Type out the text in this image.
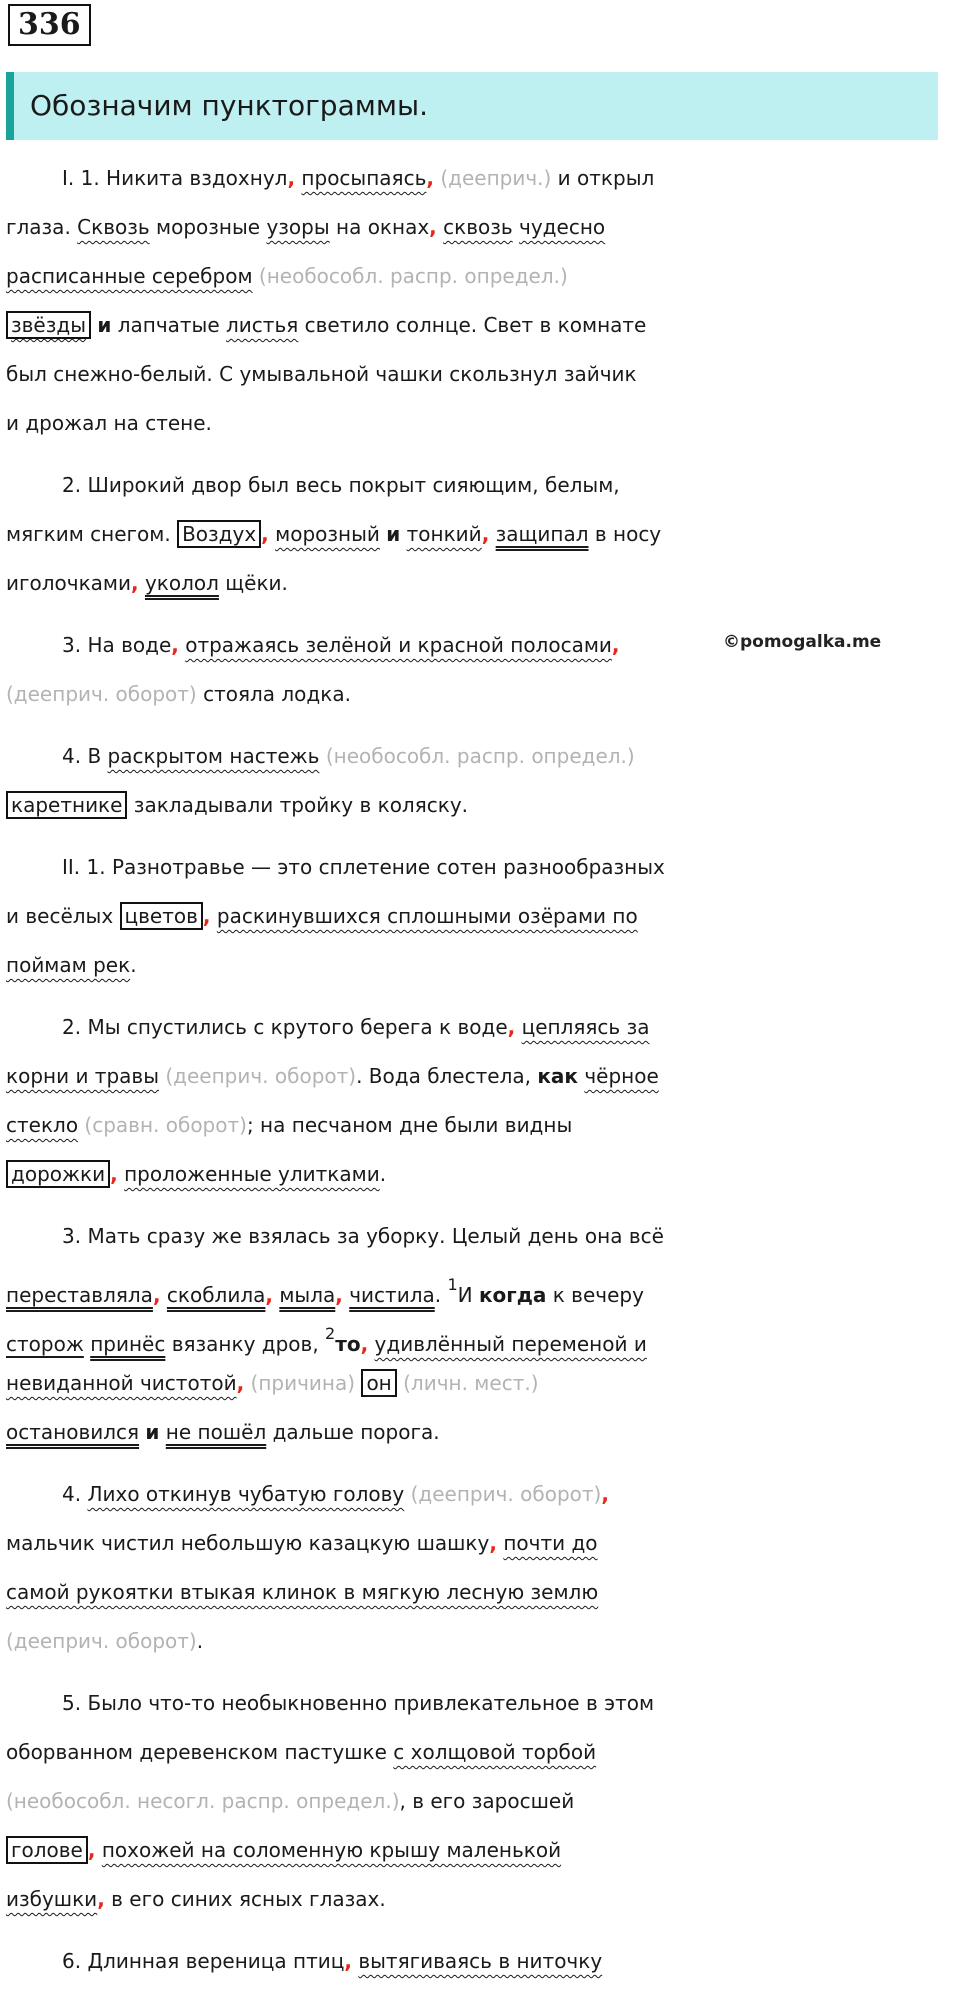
336
Обозначим пунктограммы.
©pomogalka.me
I. 1. Никита вздохнул, просыпаясь, (дееприч.) и открыл
глаза. Сквозь морозные узоры на окнах, сквозь чудесно
расписанные серебром (необособл. распр. определ.)
звёзды и лапчатые листья светило солнце. Свет в комнате
был снежно-белый. С умывальной чашки скользнул зайчик
и дрожал на стене.
2. Широкий двор был весь покрыт сияющим, белым,
мягким снегом. Воздух , морозный и тонкий, защипал в носу
иголочками, уколол щёки.
3. На воде, отражаясь зелёной и красной полосами,
(дееприч. оборот) стояла лодка.
4. В раскрытом настежь (необособл. распр. определ.)
каретнике закладывали тройку в коляску.
II. 1. Разнотравье — это сплетение сотен разнообразных
и весёлых цветов , раскинувшихся сплошными озёрами по
поймам рек.
2. Мы спустились с крутого берега к воде, цепляясь за
корни и травы (дееприч. оборот). Вода блестела, как чёрное
стекло (сравн. оборот); на песчаном дне были видны
дорожки , проложенные улитками.
3. Мать сразу же взялась за уборку. Целый день она всё
переставляла, скоблила, мыла, чистила. $^1$И когда к вечеру
сторож принёс вязанку дров, $^2$то, удивлённый переменой и
невиданной чистотой, (причина) он (личн. мест.)
остановился и не пошёл дальше порога.
4. Лихо откинув чубатую голову (дееприч. оборот),
мальчик чистил небольшую казацкую шашку, почти до
самой рукоятки втыкая клинок в мягкую лесную землю
(дееприч. оборот).
5. Было что-то необыкновенно привлекательное в этом
оборванном деревенском пастушке с холщовой торбой
(необособл. несогл. распр. определ.), в его заросшей
голове , похожей на соломенную крышу маленькой
избушки, в его синих ясных глазах.
6. Длинная вереница птиц, вытягиваясь в ниточку
